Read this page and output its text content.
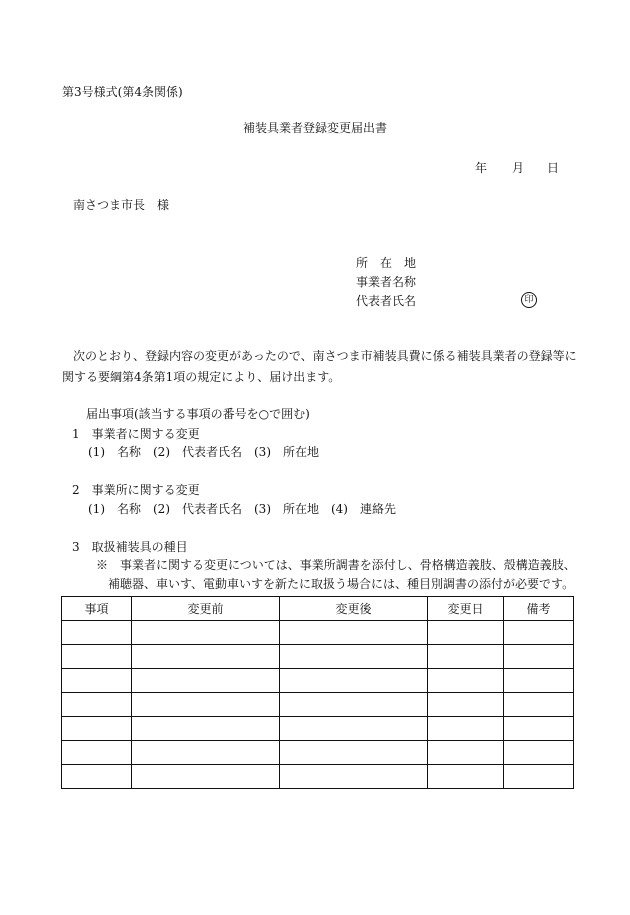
第3号様式(第4条関係)
補装具業者登録変更届出書
年 月 日
南さつま市長　様
所　在　地
事業者名称
代表者氏名	印
次のとおり、登録内容の変更があったので、南さつま市補装具費に係る補装具業者の登録等に
関する要綱第4条第1項の規定により、届け出ます。
届出事項(該当する事項の番号を○で囲む)
1　事業者に関する変更
(1)　名称　(2)　代表者氏名　(3)　所在地
2　事業所に関する変更
(1)　名称　(2)　代表者氏名　(3)　所在地　(4)　連絡先
3　取扱補装具の種目
※　事業者に関する変更については、事業所調書を添付し、骨格構造義肢、殻構造義肢、
補聴器、車いす、電動車いすを新たに取扱う場合には、種目別調書の添付が必要です。
事項	変更前	変更後	変更日	備考
